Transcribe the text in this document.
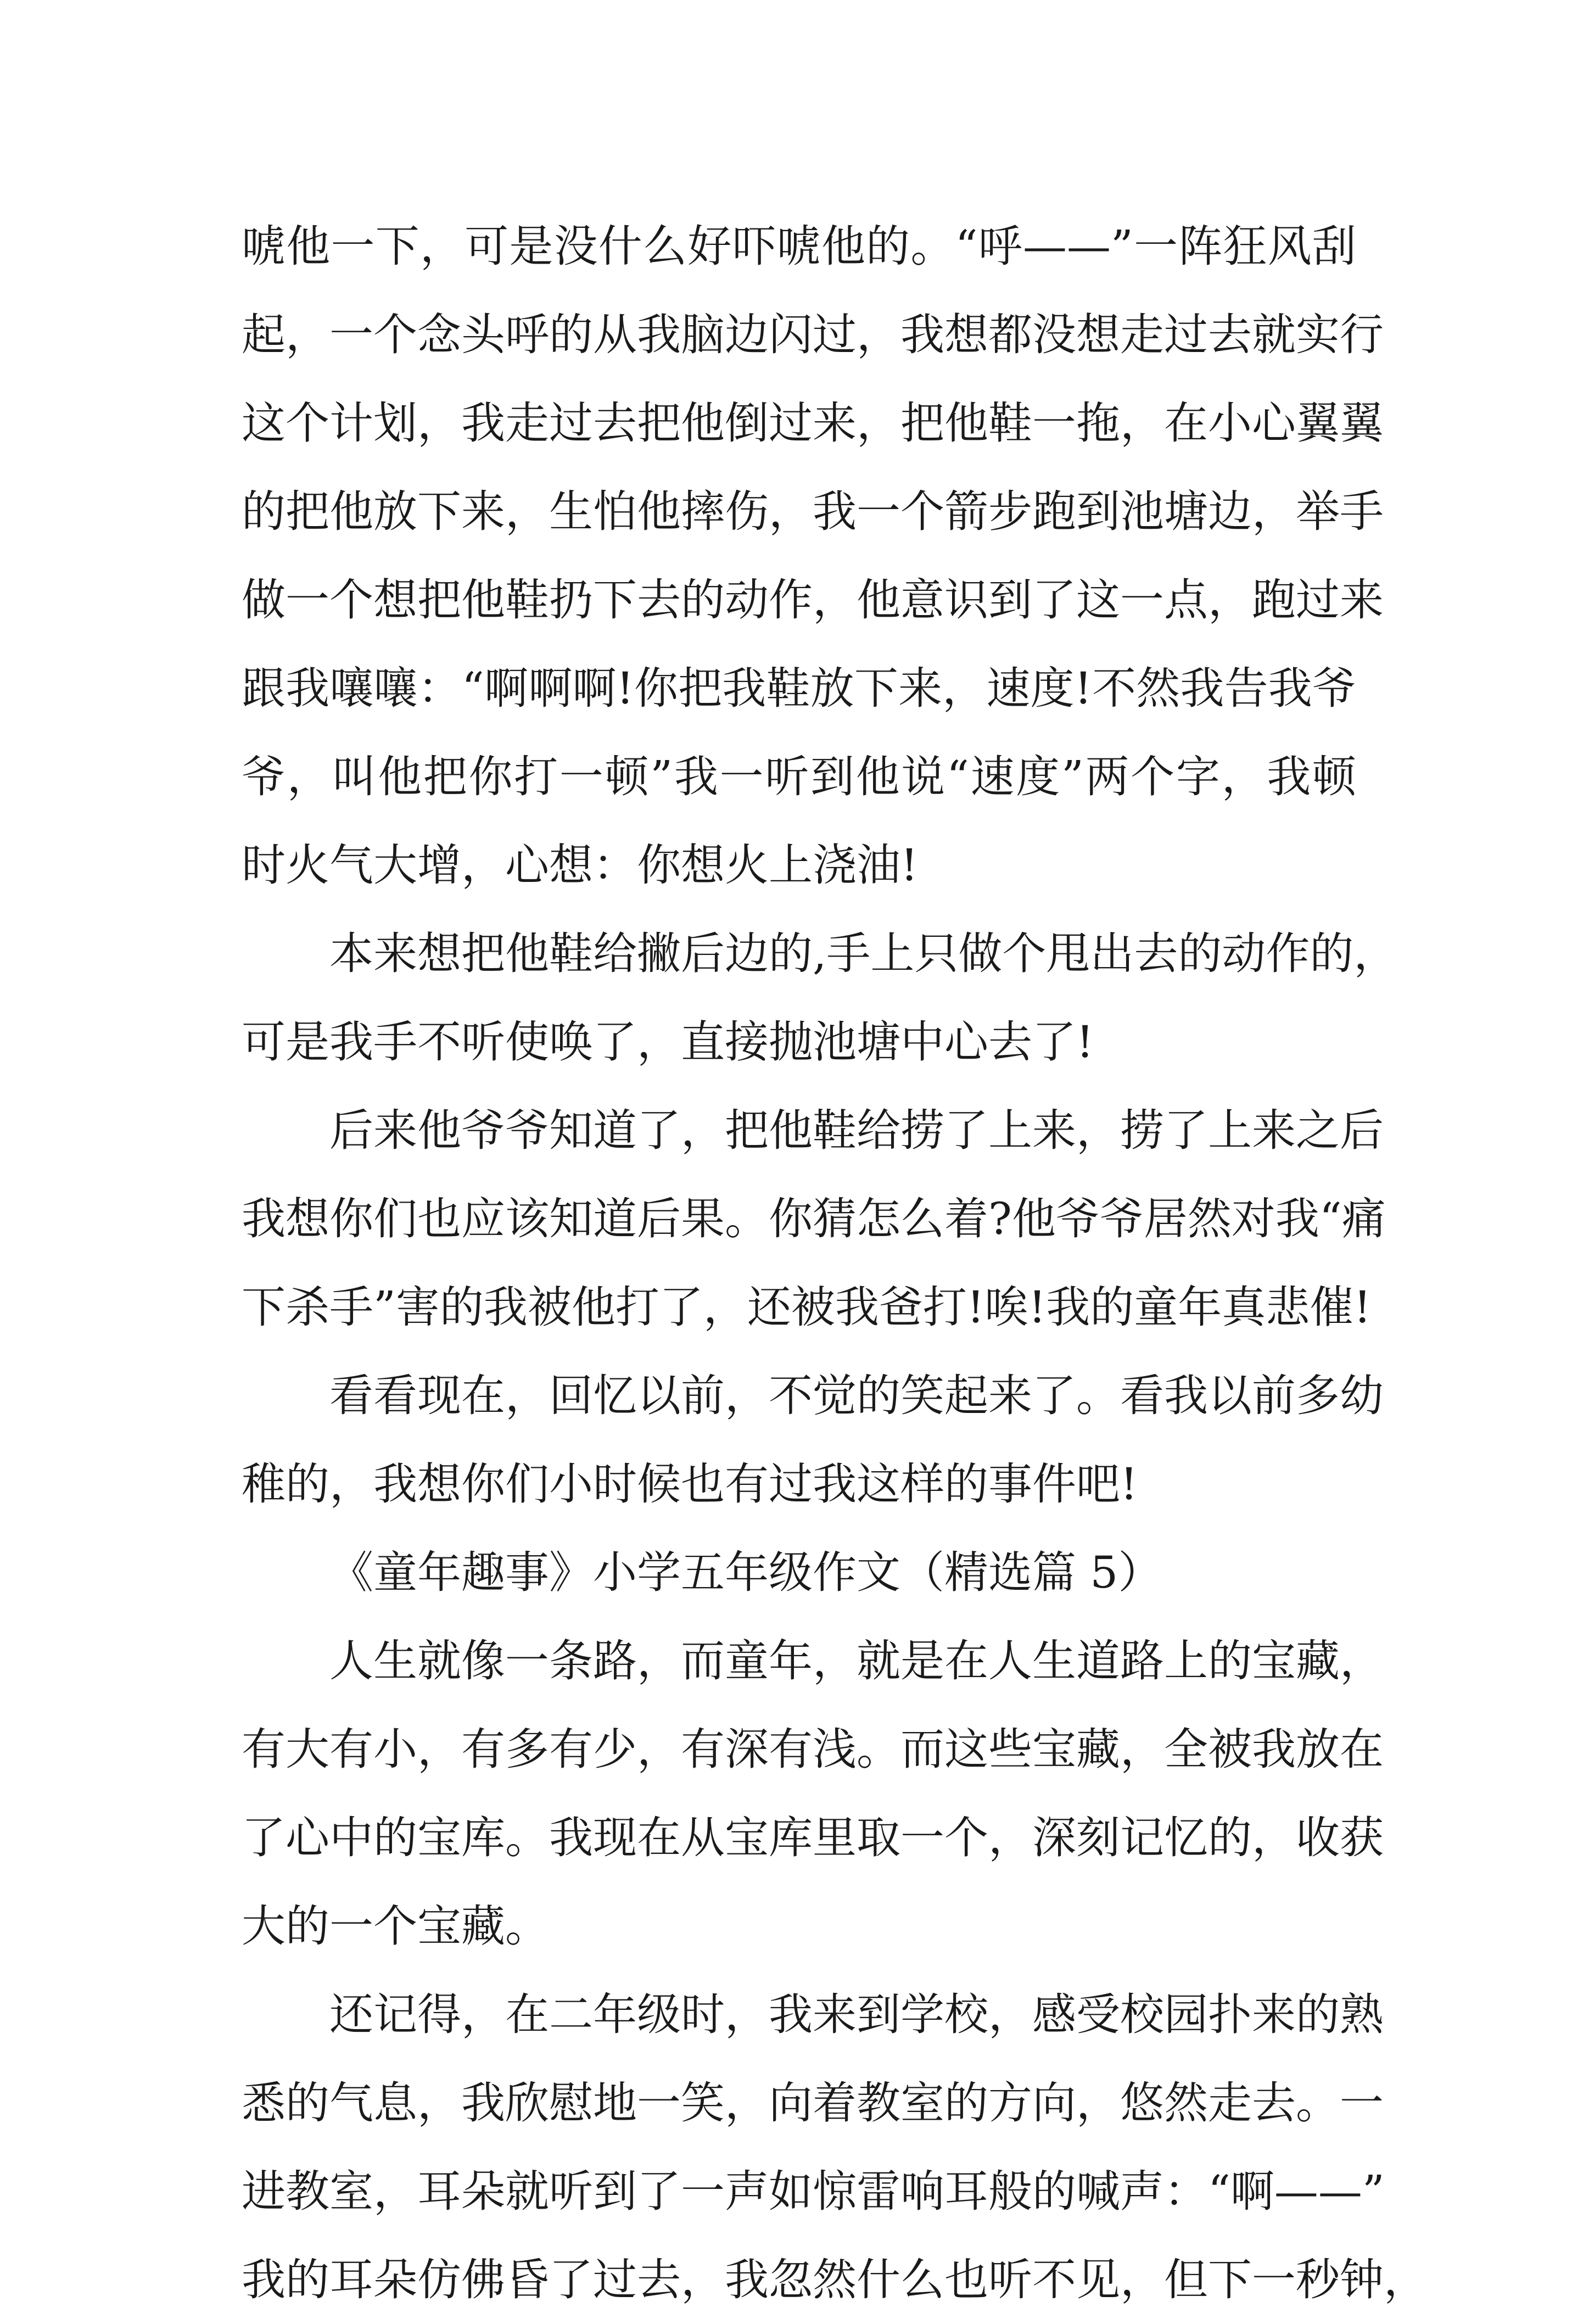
唬他一下，可是没什么好吓唬他的。“呼——”一阵狂风刮
起，一个念头呼的从我脑边闪过，我想都没想走过去就实行
这个计划，我走过去把他倒过来，把他鞋一拖，在小心翼翼
的把他放下来，生怕他摔伤，我一个箭步跑到池塘边，举手
做一个想把他鞋扔下去的动作，他意识到了这一点，跑过来
跟我嚷嚷：“啊啊啊!你把我鞋放下来，速度!不然我告我爷
爷，叫他把你打一顿”我一听到他说“速度”两个字，我顿
时火气大增，心想：你想火上浇油!
本来想把他鞋给撇后边的,手上只做个甩出去的动作的，
可是我手不听使唤了，直接抛池塘中心去了!
后来他爷爷知道了，把他鞋给捞了上来，捞了上来之后
我想你们也应该知道后果。你猜怎么着?他爷爷居然对我“痛
下杀手”害的我被他打了，还被我爸打!唉!我的童年真悲催!
看看现在，回忆以前，不觉的笑起来了。看我以前多幼
稚的，我想你们小时候也有过我这样的事件吧!
《童年趣事》小学五年级作文（精选篇 5）
人生就像一条路，而童年，就是在人生道路上的宝藏，
有大有小，有多有少，有深有浅。而这些宝藏，全被我放在
了心中的宝库。我现在从宝库里取一个，深刻记忆的，收获
大的一个宝藏。
还记得，在二年级时，我来到学校，感受校园扑来的熟
悉的气息，我欣慰地一笑，向着教室的方向，悠然走去。一
进教室，耳朵就听到了一声如惊雷响耳般的喊声：“啊——”
我的耳朵仿佛昏了过去，我忽然什么也听不见，但下一秒钟，
